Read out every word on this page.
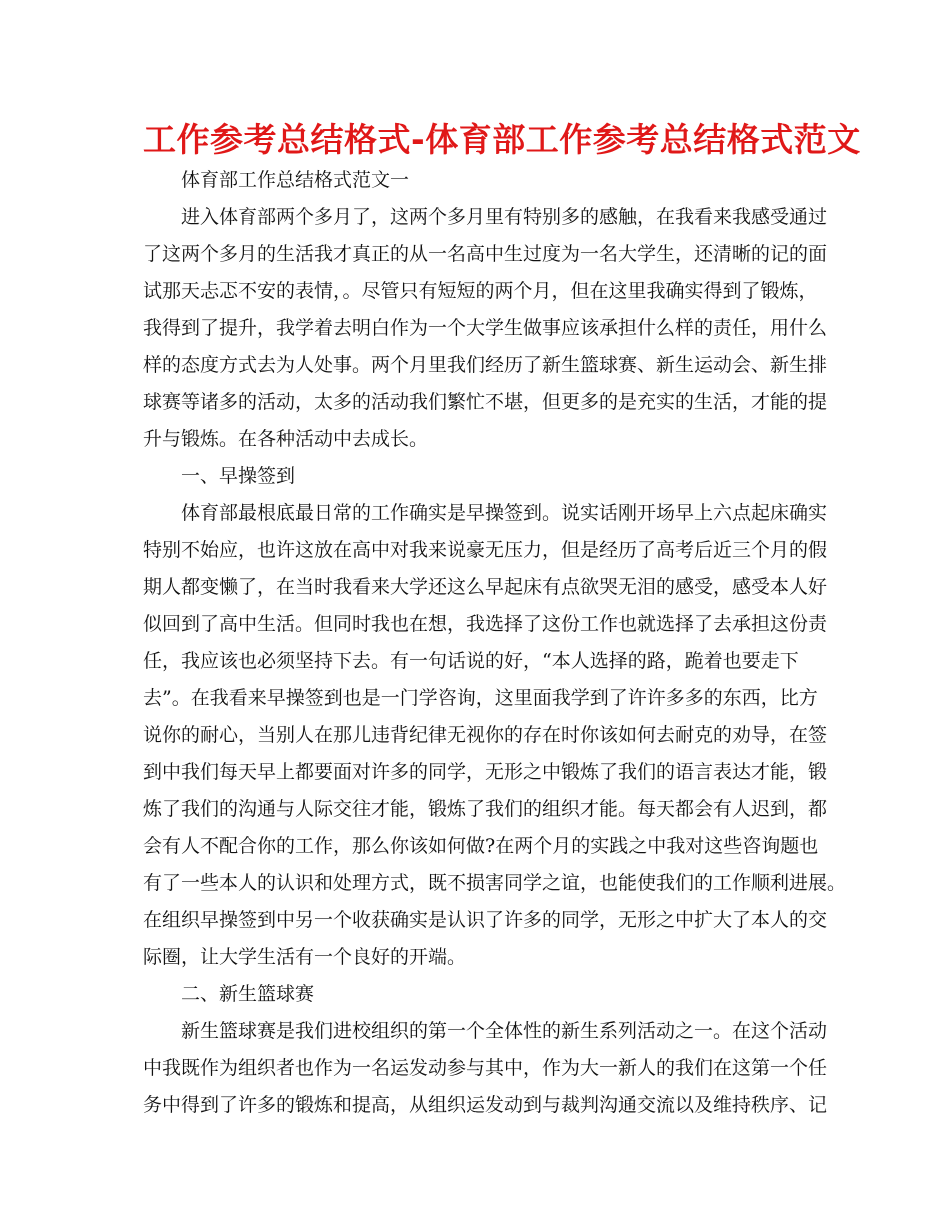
工作参考总结格式-体育部工作参考总结格式范文
体育部工作总结格式范文一
进入体育部两个多月了，这两个多月里有特别多的感触，在我看来我感受通过
了这两个多月的生活我才真正的从一名高中生过度为一名大学生，还清晰的记的面
试那天忐忑不安的表情，。尽管只有短短的两个月，但在这里我确实得到了锻炼，
我得到了提升，我学着去明白作为一个大学生做事应该承担什么样的责任，用什么
样的态度方式去为人处事。两个月里我们经历了新生篮球赛、新生运动会、新生排
球赛等诸多的活动，太多的活动我们繁忙不堪，但更多的是充实的生活，才能的提
升与锻炼。在各种活动中去成长。
一、早操签到
体育部最根底最日常的工作确实是早操签到。说实话刚开场早上六点起床确实
特别不始应，也许这放在高中对我来说豪无压力，但是经历了高考后近三个月的假
期人都变懒了，在当时我看来大学还这么早起床有点欲哭无泪的感受，感受本人好
似回到了高中生活。但同时我也在想，我选择了这份工作也就选择了去承担这份责
任，我应该也必须坚持下去。有一句话说的好，“本人选择的路，跪着也要走下
去”。在我看来早操签到也是一门学咨询，这里面我学到了许许多多的东西，比方
说你的耐心，当别人在那儿违背纪律无视你的存在时你该如何去耐克的劝导，在签
到中我们每天早上都要面对许多的同学，无形之中锻炼了我们的语言表达才能，锻
炼了我们的沟通与人际交往才能，锻炼了我们的组织才能。每天都会有人迟到，都
会有人不配合你的工作，那么你该如何做?在两个月的实践之中我对这些咨询题也
有了一些本人的认识和处理方式，既不损害同学之谊，也能使我们的工作顺利进展。
在组织早操签到中另一个收获确实是认识了许多的同学，无形之中扩大了本人的交
际圈，让大学生活有一个良好的开端。
二、新生篮球赛
新生篮球赛是我们进校组织的第一个全体性的新生系列活动之一。在这个活动
中我既作为组织者也作为一名运发动参与其中，作为大一新人的我们在这第一个任
务中得到了许多的锻炼和提高，从组织运发动到与裁判沟通交流以及维持秩序、记
